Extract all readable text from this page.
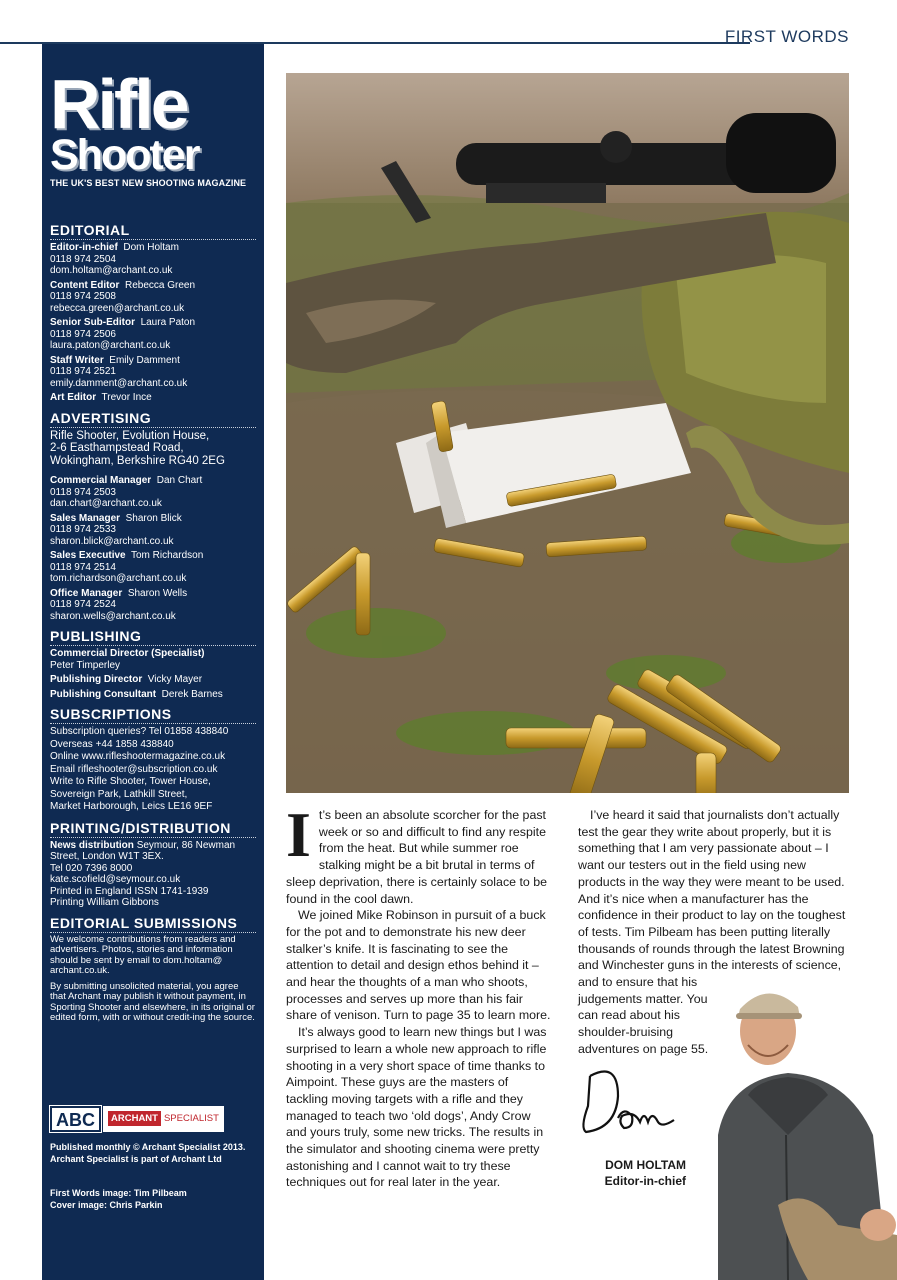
FIRST WORDS
Rifle
Shooter
THE UK'S BEST NEW SHOOTING MAGAZINE
EDITORIAL
Editor-in-chief Dom Holtam
0118 974 2504
dom.holtam@archant.co.uk
Content Editor Rebecca Green
0118 974 2508
rebecca.green@archant.co.uk
Senior Sub-Editor Laura Paton
0118 974 2506
laura.paton@archant.co.uk
Staff Writer Emily Damment
0118 974 2521
emily.damment@archant.co.uk
Art Editor Trevor Ince
ADVERTISING
Rifle Shooter, Evolution House,
2-6 Easthampstead Road,
Wokingham, Berkshire RG40 2EG
Commercial Manager Dan Chart
0118 974 2503
dan.chart@archant.co.uk
Sales Manager Sharon Blick
0118 974 2533
sharon.blick@archant.co.uk
Sales Executive Tom Richardson
0118 974 2514
tom.richardson@archant.co.uk
Office Manager Sharon Wells
0118 974 2524
sharon.wells@archant.co.uk
PUBLISHING
Commercial Director (Specialist)
Peter Timperley
Publishing Director Vicky Mayer
Publishing Consultant Derek Barnes
SUBSCRIPTIONS
Subscription queries? Tel 01858 438840
Overseas +44 1858 438840
Online www.rifleshootermagazine.co.uk
Email rifleshooter@subscription.co.uk
Write to Rifle Shooter, Tower House,
Sovereign Park, Lathkill Street,
Market Harborough, Leics LE16 9EF
PRINTING/DISTRIBUTION
News distribution Seymour, 86 Newman
Street, London W1T 3EX.
Tel 020 7396 8000
kate.scofield@seymour.co.uk
Printed in England ISSN 1741-1939
Printing William Gibbons
EDITORIAL SUBMISSIONS

We welcome contributions from readers and advertisers. Photos, stories and information should be sent by email to dom.holtam@ archant.co.uk.

By submitting unsolicited material, you agree that Archant may publish it without payment, in Sporting Shooter and elsewhere, in its original or edited form, with or without credit-ing the source.

ABC	ARCHANT SPECIALIST
Published monthly © Archant Specialist 2013.
Archant Specialist is part of Archant Ltd
First Words image: Tim Pilbeam
Cover image: Chris Parkin

It’s been an absolute scorcher for the past week or so and difficult to find any respite from the heat. But while summer roe stalking might be a bit brutal in terms of sleep deprivation, there is certainly solace to be found in the cool dawn.

We joined Mike Robinson in pursuit of a buck for the pot and to demonstrate his new deer stalker’s knife. It is fascinating to see the attention to detail and design ethos behind it – and hear the thoughts of a man who shoots, processes and serves up more than his fair share of venison. Turn to page 35 to learn more.

It’s always good to learn new things but I was surprised to learn a whole new approach to rifle shooting in a very short space of time thanks to Aimpoint. These guys are the masters of tackling moving targets with a rifle and they managed to teach two ‘old dogs’, Andy Crow and yours truly, some new tricks. The results in the simulator and shooting cinema were pretty astonishing and I cannot wait to try these techniques out for real later in the year.

I’ve heard it said that journalists don’t actually test the gear they write about properly, but it is something that I am very passionate about – I want our testers out in the field using new products in the way they were meant to be used. And it’s nice when a manufacturer has the confidence in their product to lay on the toughest of tests. Tim Pilbeam has been putting literally thousands of rounds through the latest Browning and Winchester guns in the interests of science,

and to ensure that his judgements matter. You can read about his shoulder-bruising adventures on page 55.

DOM HOLTAM
Editor-in-chief
